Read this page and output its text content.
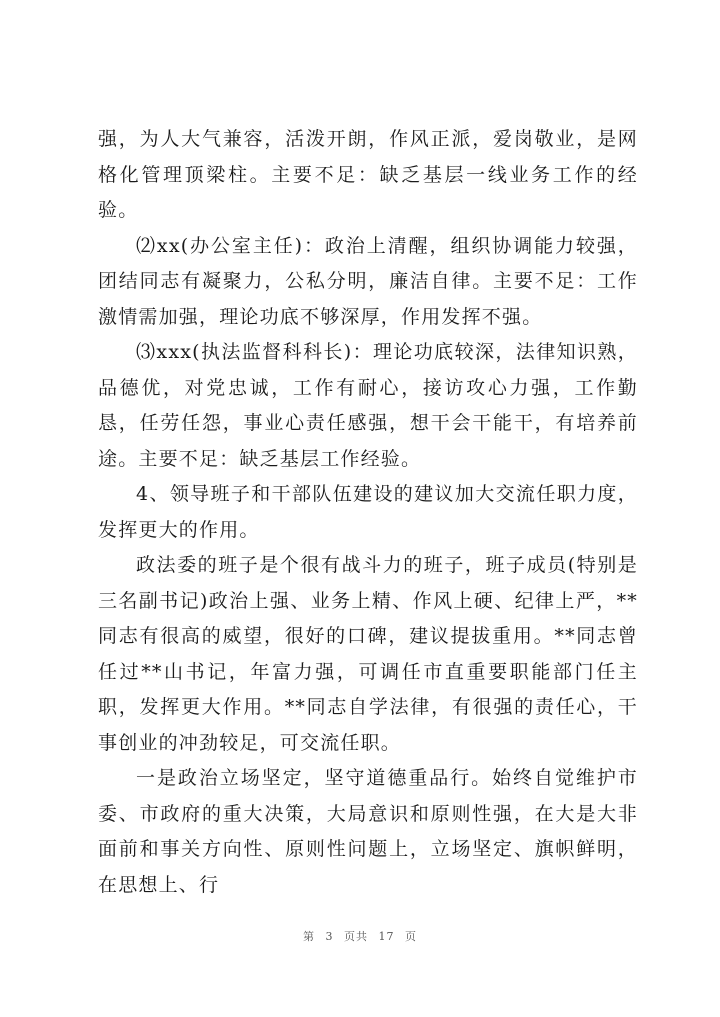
强，为人大气兼容，活泼开朗，作风正派，爱岗敬业，是网格化管理顶梁柱。主要不足：缺乏基层一线业务工作的经验。

⑵xx(办公室主任)：政治上清醒，组织协调能力较强，团结同志有凝聚力，公私分明，廉洁自律。主要不足：工作激情需加强，理论功底不够深厚，作用发挥不强。

⑶xxx(执法监督科科长)：理论功底较深，法律知识熟，品德优，对党忠诚，工作有耐心，接访攻心力强，工作勤恳，任劳任怨，事业心责任感强，想干会干能干，有培养前途。主要不足：缺乏基层工作经验。

4、领导班子和干部队伍建设的建议加大交流任职力度，发挥更大的作用。

政法委的班子是个很有战斗力的班子，班子成员(特别是三名副书记)政治上强、业务上精、作风上硬、纪律上严，**同志有很高的威望，很好的口碑，建议提拔重用。**同志曾任过**山书记，年富力强，可调任市直重要职能部门任主职，发挥更大作用。**同志自学法律，有很强的责任心，干事创业的冲劲较足，可交流任职。

一是政治立场坚定，坚守道德重品行。始终自觉维护市委、市政府的重大决策，大局意识和原则性强，在大是大非面前和事关方向性、原则性问题上，立场坚定、旗帜鲜明，在思想上、行

第 3 页共 17 页
